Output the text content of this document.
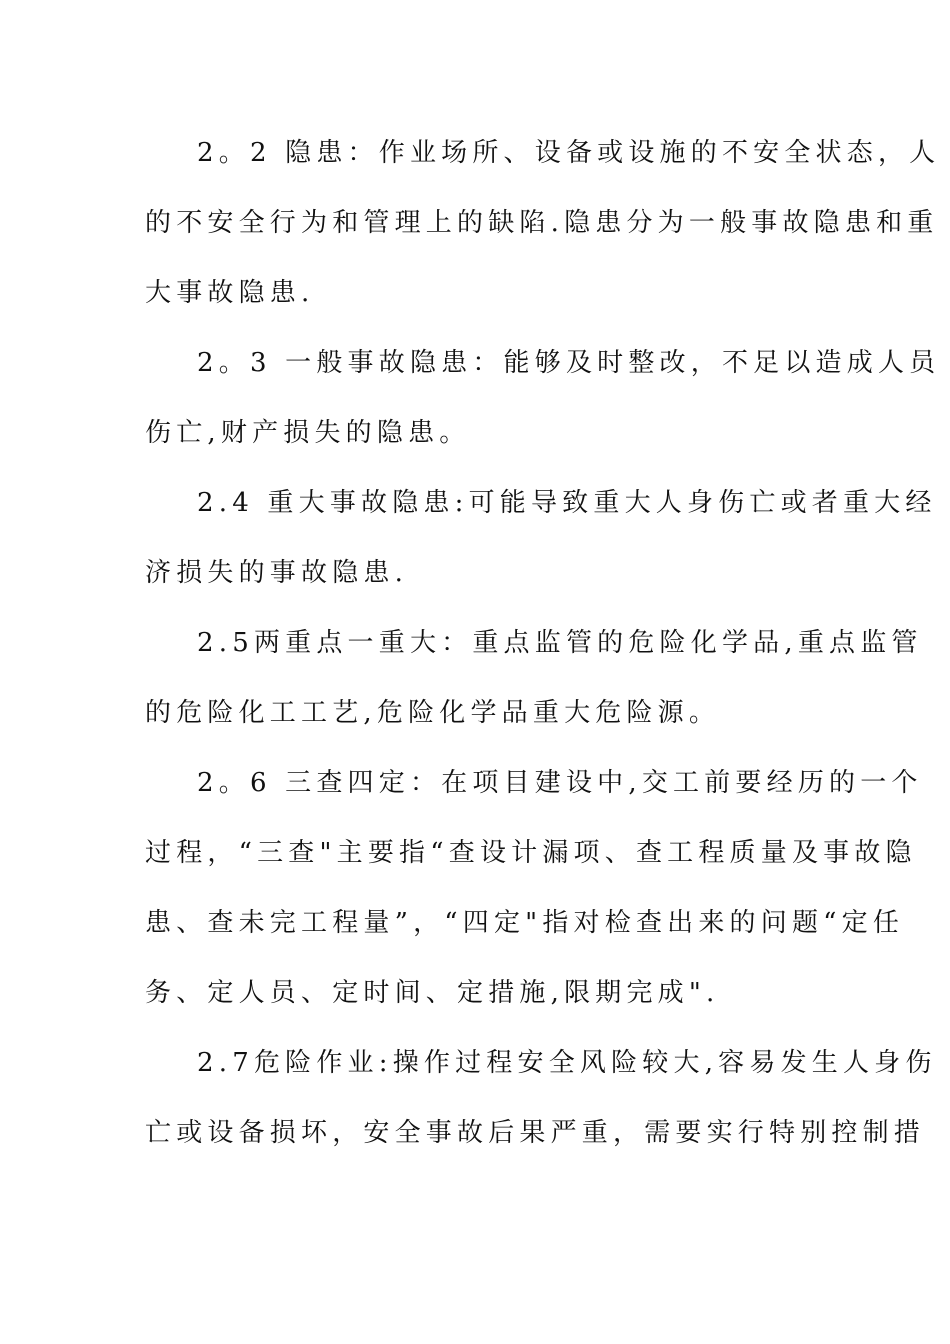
2。2 隐患：作业场所、设备或设施的不安全状态，人
的不安全行为和管理上的缺陷.隐患分为一般事故隐患和重
大事故隐患.
2。3 一般事故隐患：能够及时整改，不足以造成人员
伤亡,财产损失的隐患。
2.4 重大事故隐患:可能导致重大人身伤亡或者重大经
济损失的事故隐患.
2.5两重点一重大：重点监管的危险化学品,重点监管
的危险化工工艺,危险化学品重大危险源。
2。6 三查四定：在项目建设中,交工前要经历的一个
过程，“三查"主要指“查设计漏项、查工程质量及事故隐
患、查未完工程量”，“四定"指对检查出来的问题“定任
务、定人员、定时间、定措施,限期完成".
2.7危险作业:操作过程安全风险较大,容易发生人身伤
亡或设备损坏，安全事故后果严重，需要实行特别控制措
